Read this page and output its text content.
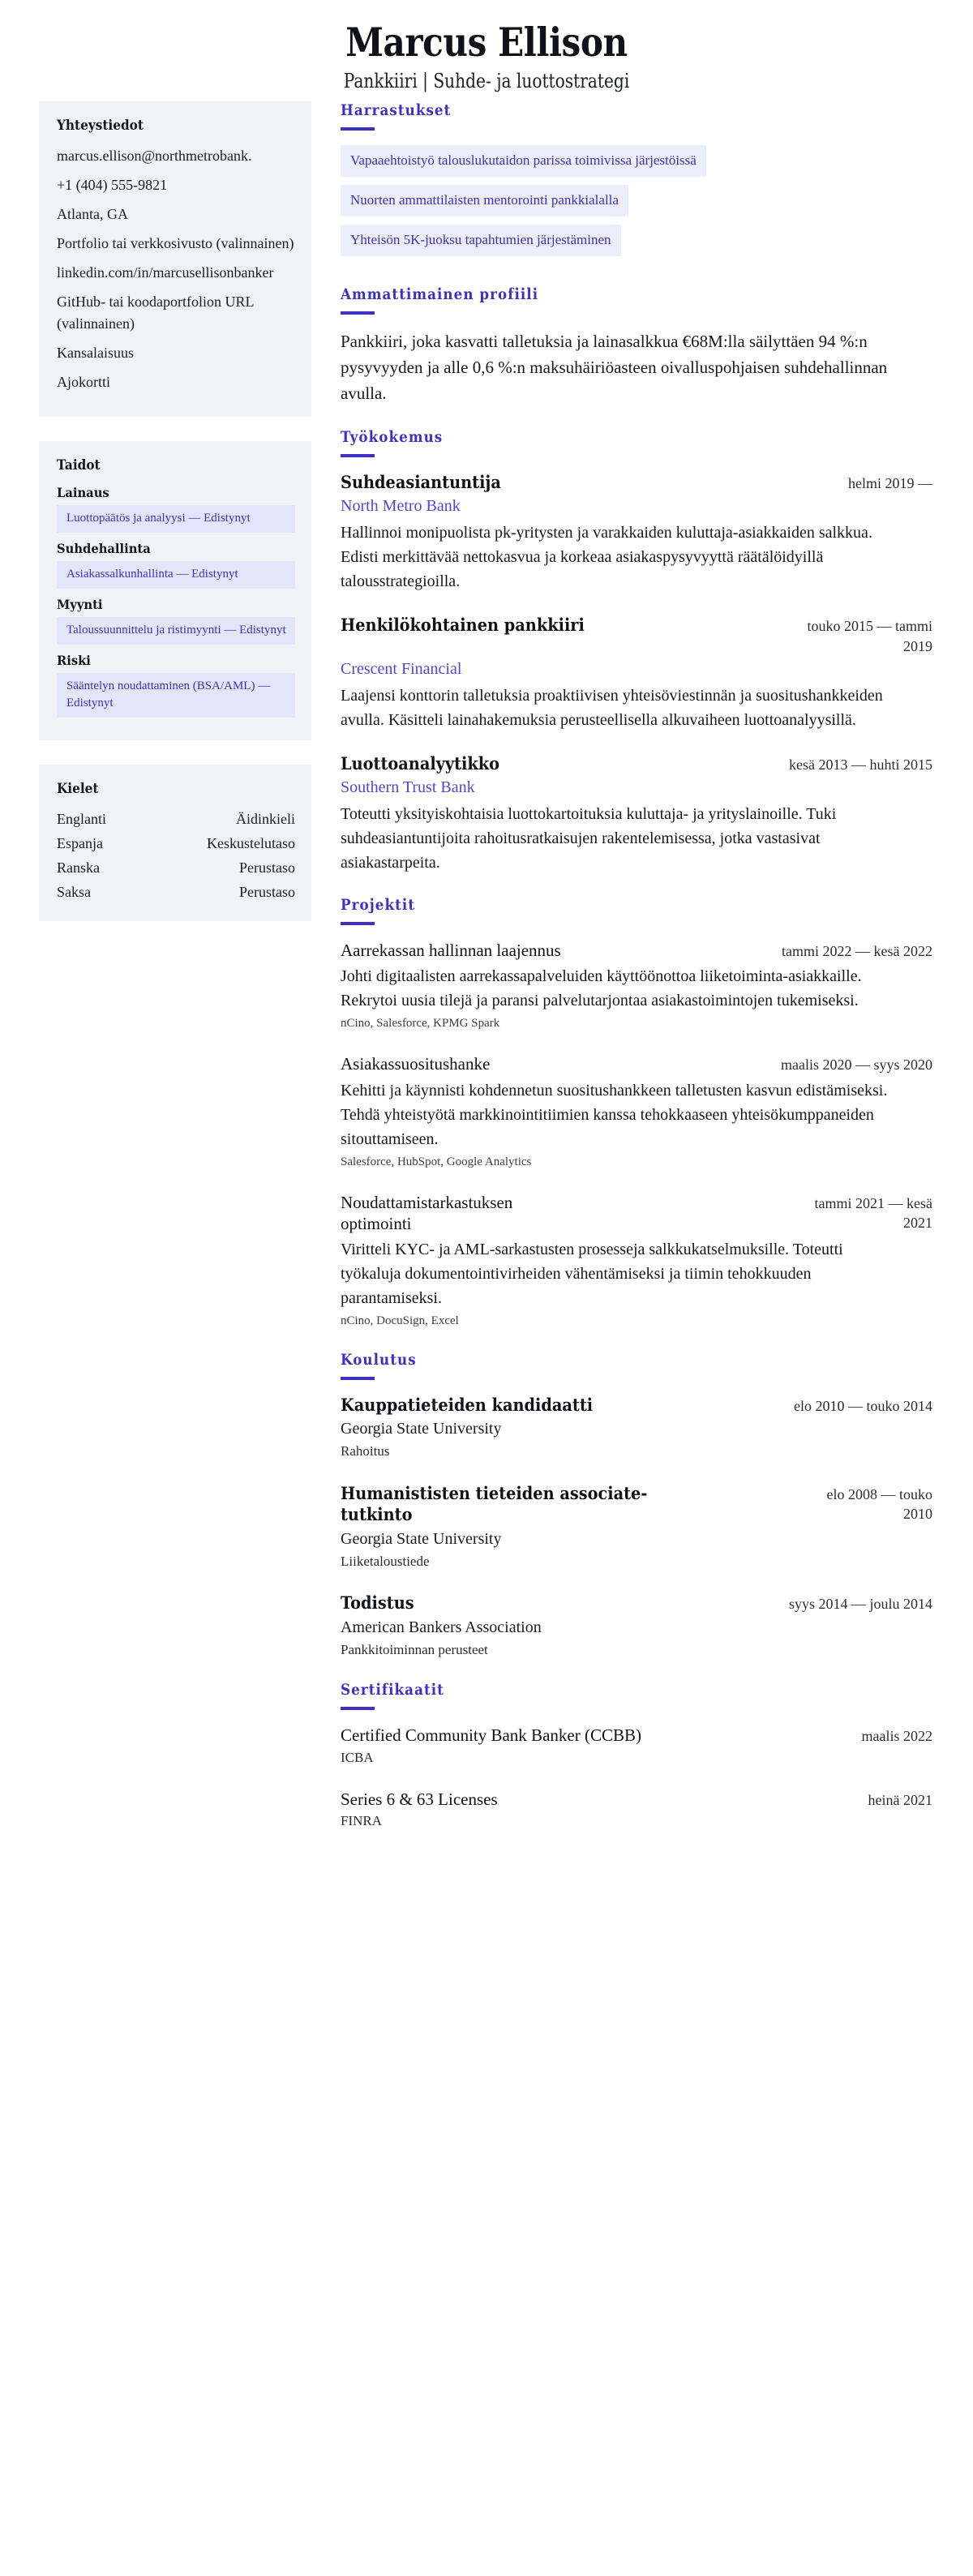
Marcus Ellison
Pankkiiri | Suhde- ja luottostrategi
Yhteystiedot
marcus.ellison@northmetrobank.
+1 (404) 555-9821
Atlanta, GA
Portfolio tai verkkosivusto (valinnainen)
linkedin.com/in/marcusellisonbanker
GitHub- tai koodaportfolion URL (valinnainen)
Kansalaisuus
Ajokortti
Taidot
Lainaus
Luottopäätös ja analyysi — Edistynyt
Suhdehallinta
Asiakassalkunhallinta — Edistynyt
Myynti
Taloussuunnittelu ja ristimyynti — Edistynyt
Riski
Sääntelyn noudattaminen (BSA/AML) — Edistynyt
Kielet
Englanti	Äidinkieli
Espanja	Keskustelutaso
Ranska	Perustaso
Saksa	Perustaso
Harrastukset
Vapaaehtoistyö talouslukutaidon parissa toimivissa järjestöissä
Nuorten ammattilaisten mentorointi pankkialalla
Yhteisön 5K-juoksu tapahtumien järjestäminen
Ammattimainen profiili

Pankkiiri, joka kasvatti talletuksia ja lainasalkkua €68M:lla säilyttäen 94 %:n pysyvyyden ja alle 0,6 %:n maksuhäiriöasteen oivalluspohjaisen suhdehallinnan avulla.

Työkokemus
Suhdeasiantuntija	helmi 2019 —
North Metro Bank
Hallinnoi monipuolista pk-yritysten ja varakkaiden kuluttaja-asiakkaiden salkkua. Edisti merkittävää nettokasvua ja korkeaa asiakaspysyvyyttä räätälöidyillä talousstrategioilla.
Henkilökohtainen pankkiiri	touko 2015 — tammi 2019
Crescent Financial
Laajensi konttorin talletuksia proaktiivisen yhteisöviestinnän ja suositushankkeiden avulla. Käsitteli lainahakemuksia perusteellisella alkuvaiheen luottoanalyysillä.
Luottoanalyytikko	kesä 2013 — huhti 2015
Southern Trust Bank
Toteutti yksityiskohtaisia luottokartoituksia kuluttaja- ja yrityslainoille. Tuki suhdeasiantuntijoita rahoitusratkaisujen rakentelemisessa, jotka vastasivat asiakastarpeita.
Projektit
Aarrekassan hallinnan laajennus	tammi 2022 — kesä 2022
Johti digitaalisten aarrekassapalveluiden käyttöönottoa liiketoiminta-asiakkaille. Rekrytoi uusia tilejä ja paransi palvelutarjontaa asiakastoimintojen tukemiseksi.
nCino, Salesforce, KPMG Spark
Asiakassuositushanke	maalis 2020 — syys 2020
Kehitti ja käynnisti kohdennetun suositushankkeen talletusten kasvun edistämiseksi. Tehdä yhteistyötä markkinointitiimien kanssa tehokkaaseen yhteisökumppaneiden sitouttamiseen.
Salesforce, HubSpot, Google Analytics
Noudattamistarkastuksen optimointi
tammi 2021 — kesä 2021
Viritteli KYC- ja AML-sarkastusten prosesseja salkkukatselmuksille. Toteutti työkaluja dokumentointivirheiden vähentämiseksi ja tiimin tehokkuuden parantamiseksi.
nCino, DocuSign, Excel
Koulutus
Kauppatieteiden kandidaatti	elo 2010 — touko 2014
Georgia State University
Rahoitus
Humanististen tieteiden associate-tutkinto
elo 2008 — touko 2010
Georgia State University
Liiketaloustiede
Todistus	syys 2014 — joulu 2014
American Bankers Association
Pankkitoiminnan perusteet
Sertifikaatit
Certified Community Bank Banker (CCBB)	maalis 2022
ICBA
Series 6 & 63 Licenses	heinä 2021
FINRA
